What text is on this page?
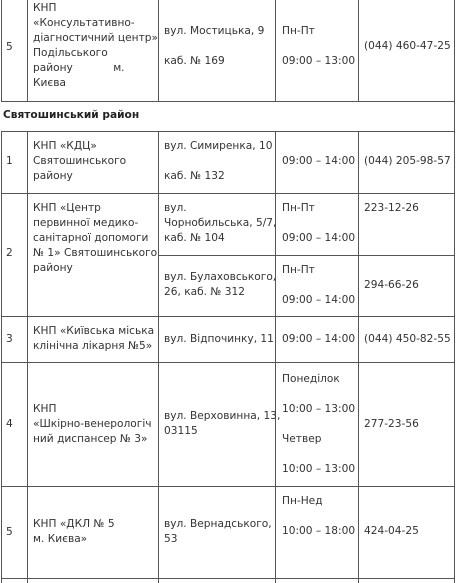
5
КНП
«Консультативно-
діагностичний центр»
Подільського
району            м.
Києва
вул. Мостицька, 9
каб. № 169
Пн-Пт
09:00 – 13:00
(044) 460-47-25
Святошинський район
1
КНП «КДЦ»
Святошинського
району
вул. Симиренка, 10
каб. № 132
09:00 – 14:00 (044) 205-98-57
2
КНП «Центр
первинної медико-
санітарної допомоги
№ 1» Святошинського
району
вул.
Чорнобильська, 5/7,
каб. № 104
Пн-Пт
09:00 – 14:00
223-12-26
вул. Булаховського,
26, каб. № 312
Пн-Пт
09:00 – 14:00
294-66-26
3
КНП «Київська міська
клінічна лікарня №5»
вул. Відпочинку, 11 09:00 – 14:00 (044) 450-82-55
4
КНП
«Шкірно-венерологіч
ний диспансер № 3»
вул. Верховинна, 13,
03115
Понеділок
10:00 – 13:00
Четвер
10:00 – 13:00
277-23-56
5
КНП «ДКЛ № 5
м. Києва»
вул. Вернадського,
53
Пн-Нед
10:00 – 18:00 424-04-25
